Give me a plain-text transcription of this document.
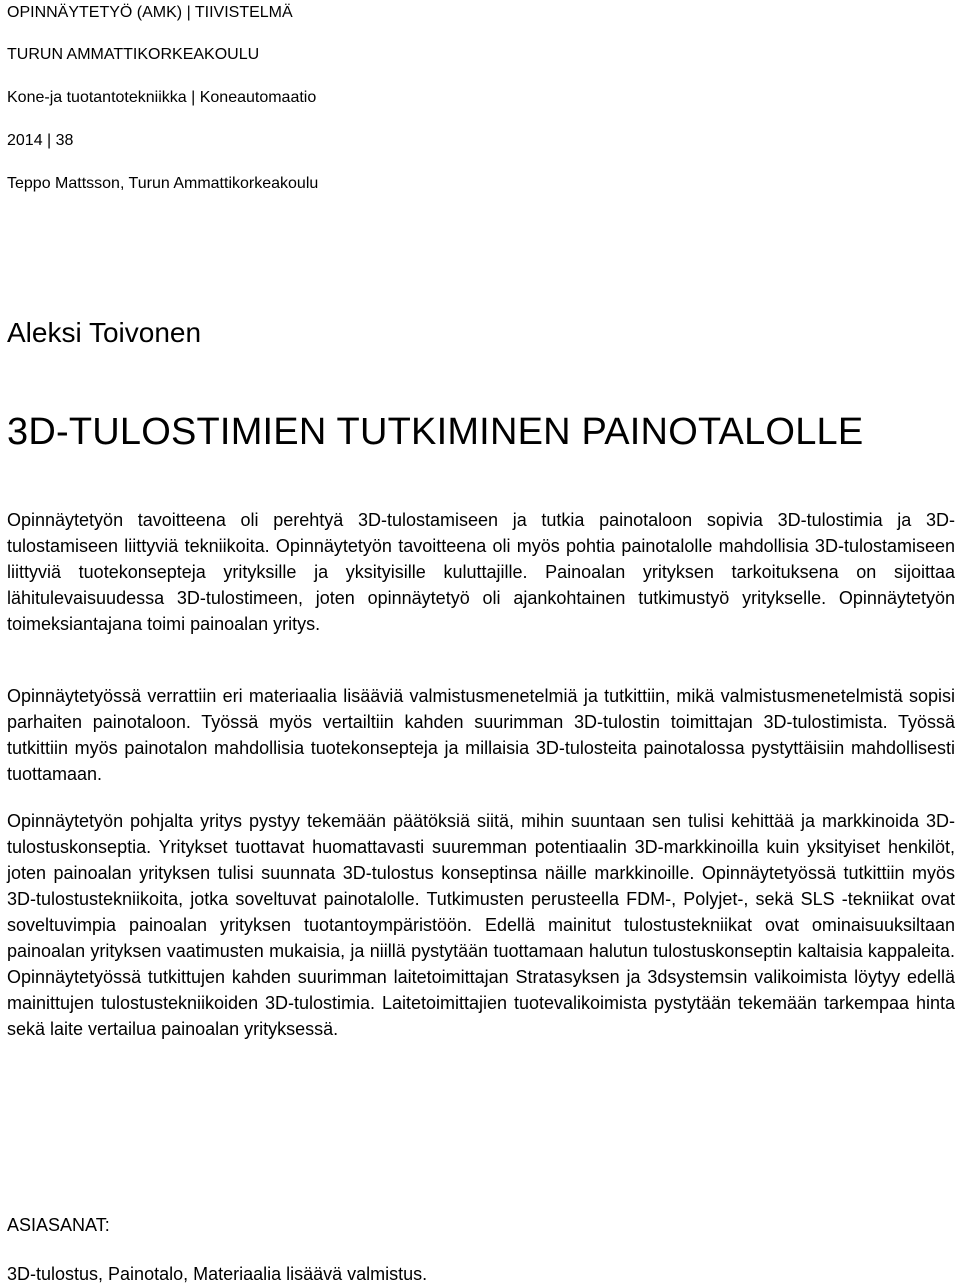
OPINNÄYTETYÖ (AMK) | TIIVISTELMÄ
TURUN AMMATTIKORKEAKOULU
Kone-ja tuotantotekniikka | Koneautomaatio
2014 | 38
Teppo Mattsson, Turun Ammattikorkeakoulu
Aleksi Toivonen
3D-TULOSTIMIEN TUTKIMINEN PAINOTALOLLE

Opinnäytetyön tavoitteena oli perehtyä 3D-tulostamiseen ja tutkia painotaloon sopivia 3D-tulostimia ja 3D-tulostamiseen liittyviä tekniikoita. Opinnäytetyön tavoitteena oli myös pohtia painotalolle mahdollisia 3D-tulostamiseen liittyviä tuotekonsepteja yrityksille ja yksityisille kuluttajille. Painoalan yrityksen tarkoituksena on sijoittaa lähitulevaisuudessa 3D-tulostimeen, joten opinnäytetyö oli ajankohtainen tutkimustyö yritykselle. Opinnäytetyön toimeksiantajana toimi painoalan yritys.

Opinnäytetyössä verrattiin eri materiaalia lisääviä valmistusmenetelmiä ja tutkittiin, mikä valmistusmenetelmistä sopisi parhaiten painotaloon. Työssä myös vertailtiin kahden suurimman 3D-tulostin toimittajan 3D-tulostimista. Työssä tutkittiin myös painotalon mahdollisia tuotekonsepteja ja millaisia 3D-tulosteita painotalossa pystyttäisiin mahdollisesti tuottamaan.

Opinnäytetyön pohjalta yritys pystyy tekemään päätöksiä siitä, mihin suuntaan sen tulisi kehittää ja markkinoida 3D-tulostuskonseptia. Yritykset tuottavat huomattavasti suuremman potentiaalin 3D-markkinoilla kuin yksityiset henkilöt, joten painoalan yrityksen tulisi suunnata 3D-tulostus konseptinsa näille markkinoille. Opinnäytetyössä tutkittiin myös 3D-tulostustekniikoita, jotka soveltuvat painotalolle. Tutkimusten perusteella FDM-, Polyjet-, sekä SLS -tekniikat ovat soveltuvimpia painoalan yrityksen tuotantoympäristöön. Edellä mainitut tulostustekniikat ovat ominaisuuksiltaan painoalan yrityksen vaatimusten mukaisia, ja niillä pystytään tuottamaan halutun tulostuskonseptin kaltaisia kappaleita. Opinnäytetyössä tutkittujen kahden suurimman laitetoimittajan Stratasyksen ja 3dsystemsin valikoimista löytyy edellä mainittujen tulostustekniikoiden 3D-tulostimia. Laitetoimittajien tuotevalikoimista pystytään tekemään tarkempaa hinta sekä laite vertailua painoalan yrityksessä.

ASIASANAT:
3D-tulostus, Painotalo, Materiaalia lisäävä valmistus.
